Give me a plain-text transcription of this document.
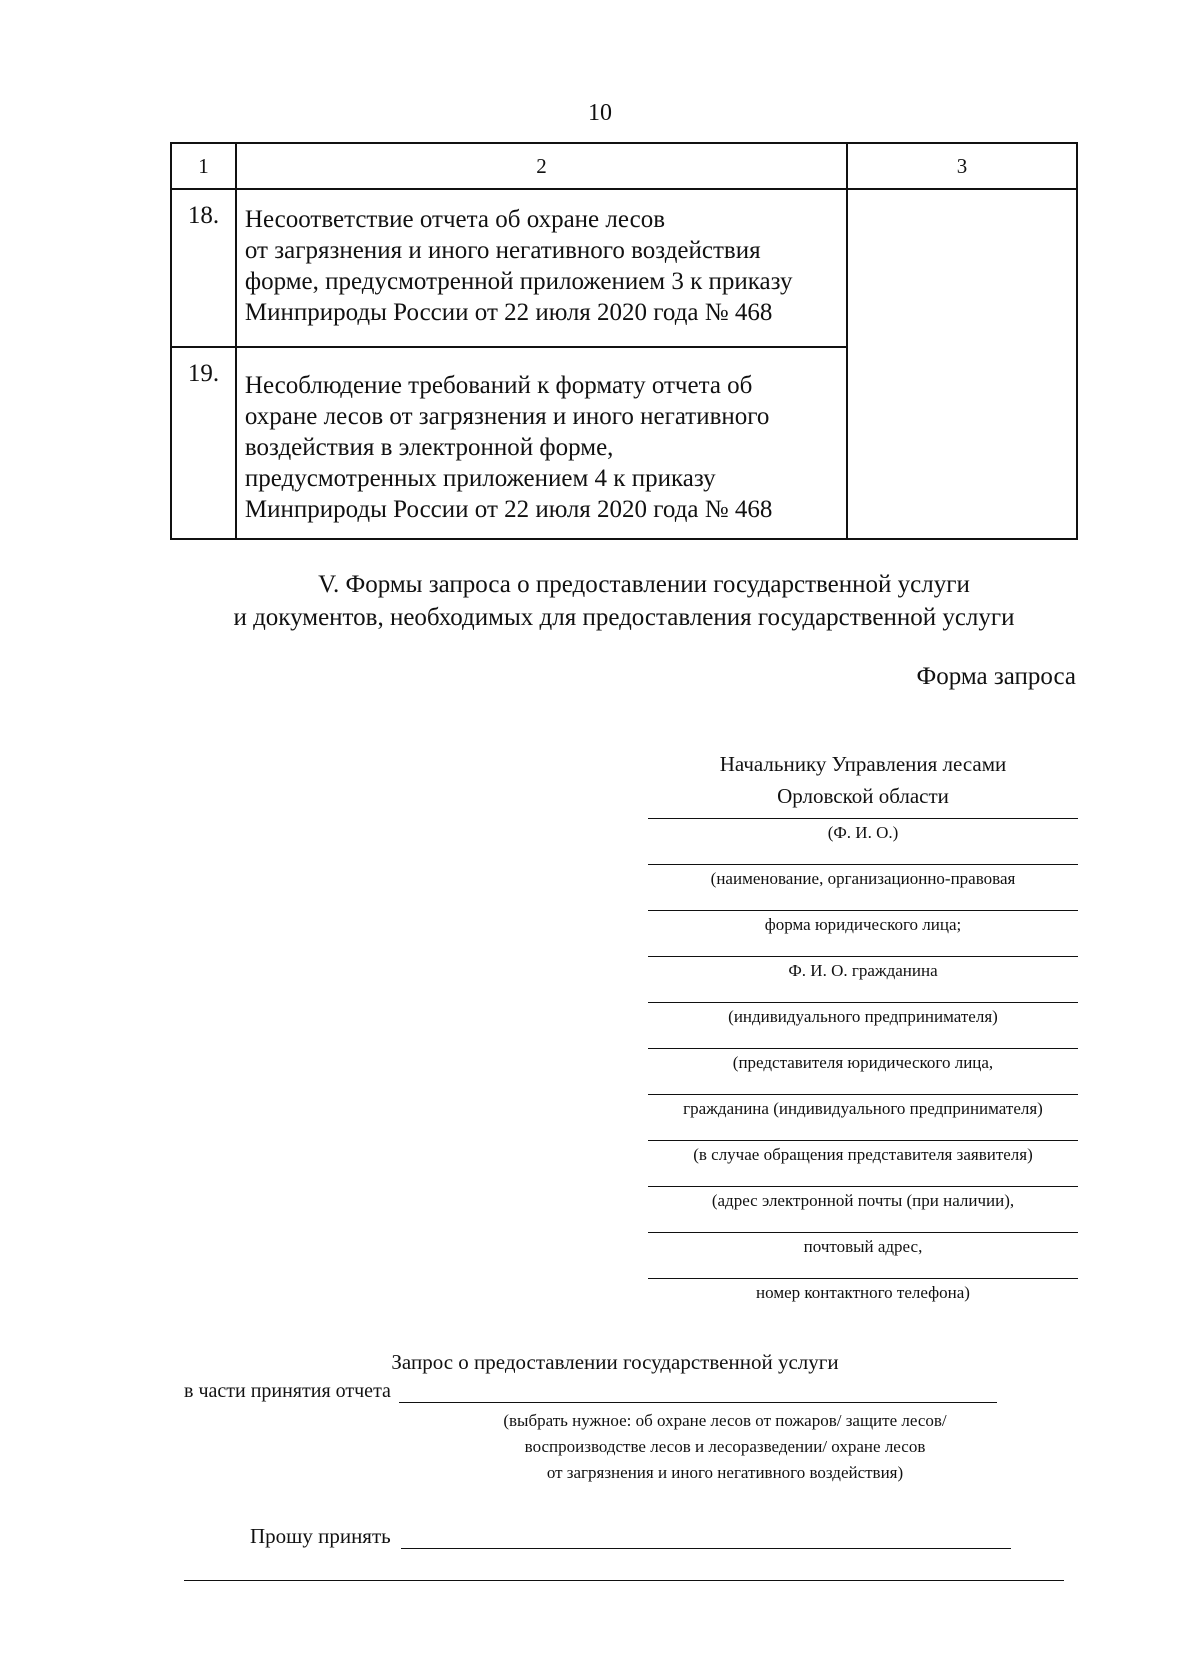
10
1	2	3
18.	Несоответствие отчета об охране лесов
от загрязнения и иного негативного воздействия
форме, предусмотренной приложением 3 к приказу
Минприроды России от 22 июля 2020 года № 468	

19.	Несоблюдение требований к формату отчета об
охране лесов от загрязнения и иного негативного
воздействия в электронной форме,
предусмотренных приложением 4 к приказу
Минприроды России от 22 июля 2020 года № 468	
V. Формы запроса о предоставлении государственной услуги
и документов, необходимых для предоставления государственной услуги
Форма запроса
Начальнику Управления лесами
Орловской области
(Ф. И. О.)
(наименование, организационно-правовая
форма юридического лица;
Ф. И. О. гражданина
(индивидуального предпринимателя)
(представителя юридического лица,
гражданина (индивидуального предпринимателя)
(в случае обращения представителя заявителя)
(адрес электронной почты (при наличии),
почтовый адрес,
номер контактного телефона)
Запрос о предоставлении государственной услуги
в части принятия отчета
(выбрать нужное: об охране лесов от пожаров/ защите лесов/
воспроизводстве лесов и лесоразведении/ охране лесов
от загрязнения и иного негативного воздействия)
Прошу принять
